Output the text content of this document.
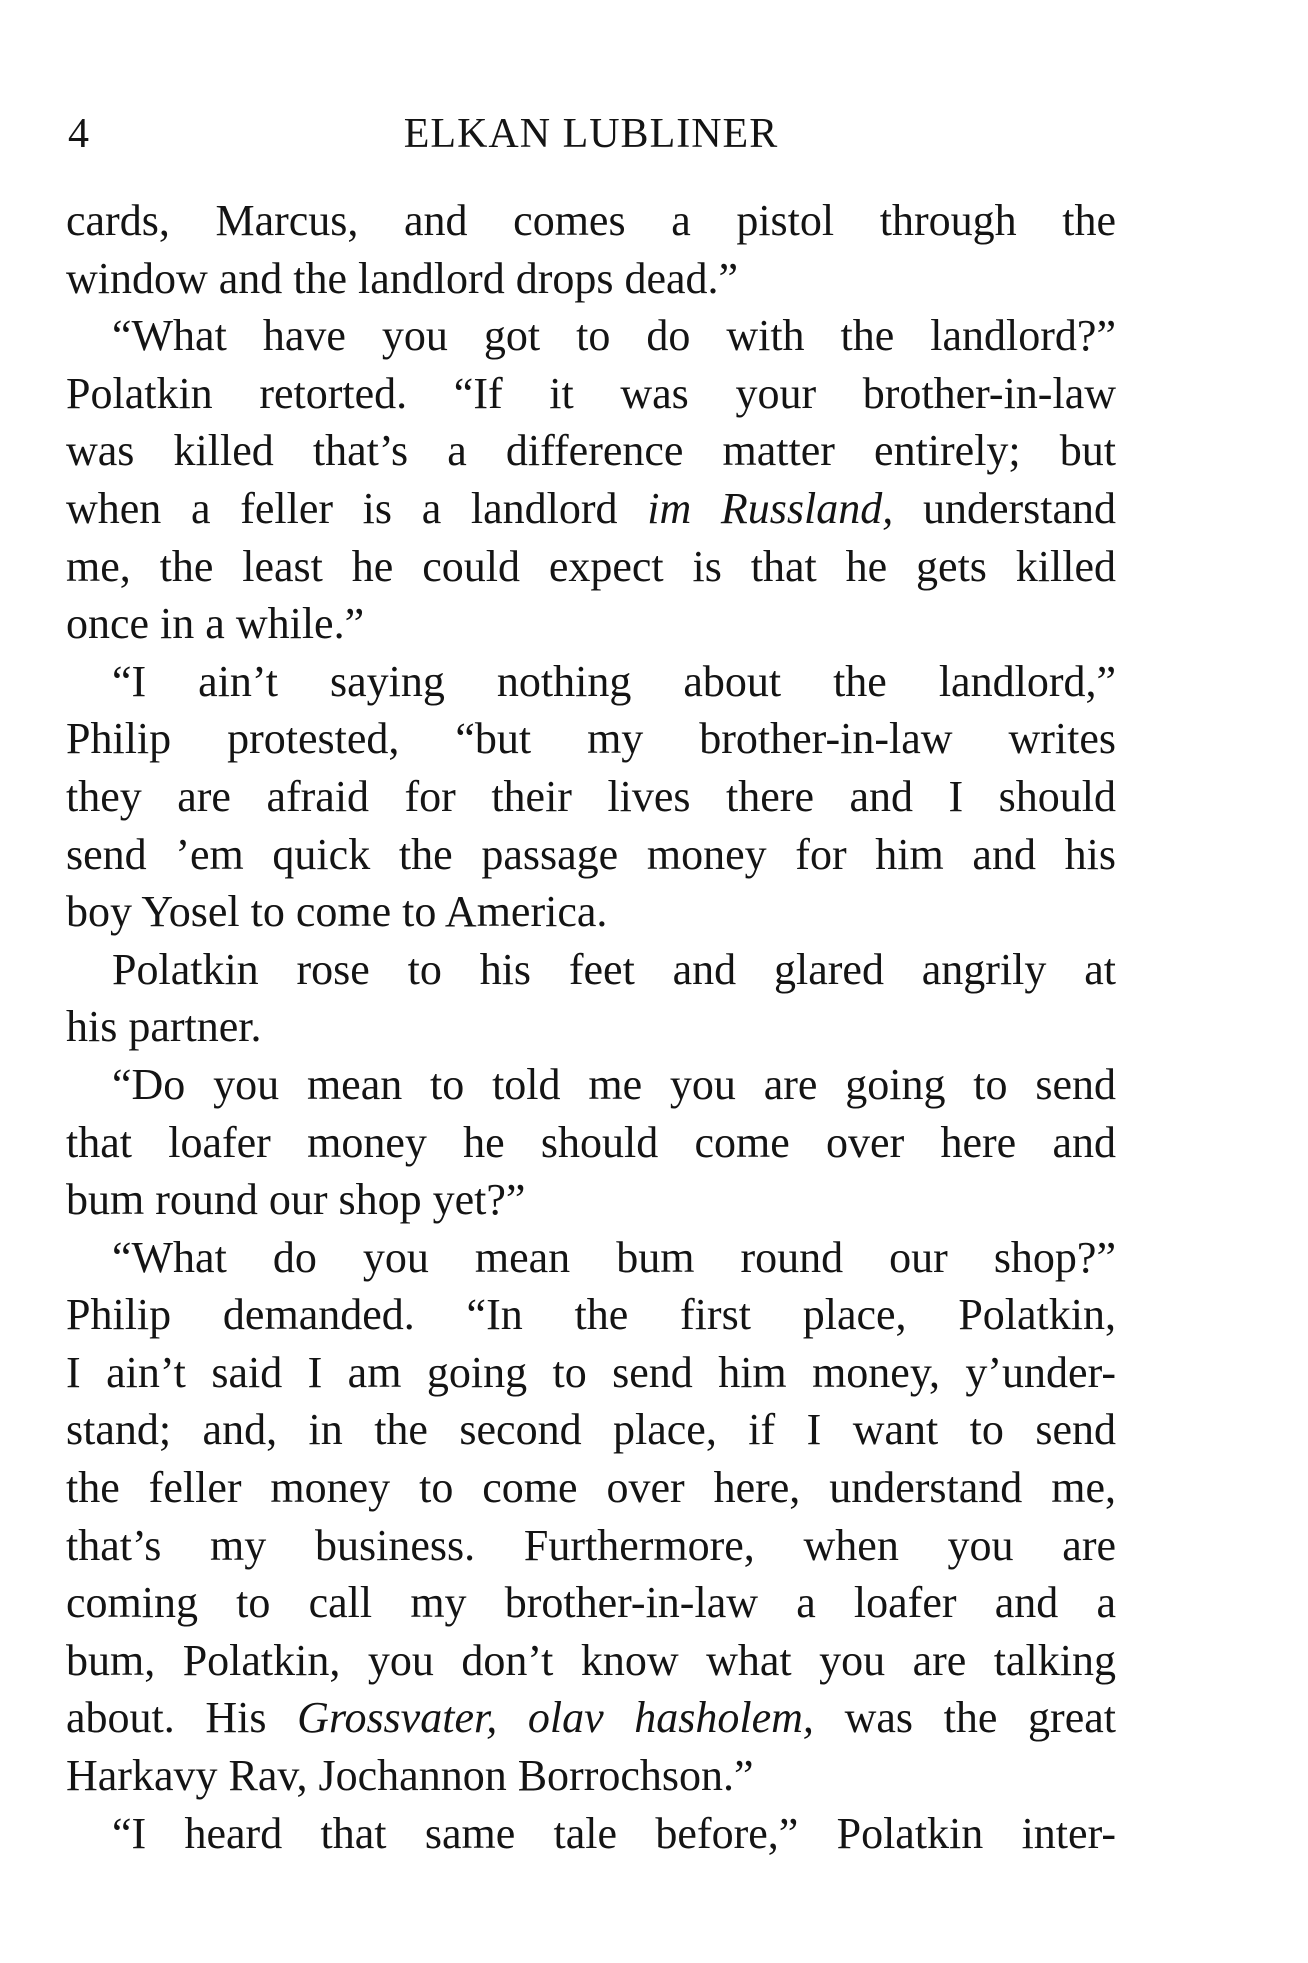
4	ELKAN LUBLINER
cards, Marcus, and comes a pistol through the
window and the landlord drops dead.”
“What have you got to do with the landlord?”
Polatkin retorted. “If it was your brother-in-law
was killed that’s a difference matter entirely; but
when a feller is a landlord im Russland, understand
me, the least he could expect is that he gets killed
once in a while.”
“I ain’t saying nothing about the landlord,”
Philip protested, “but my brother-in-law writes
they are afraid for their lives there and I should
send ’em quick the passage money for him and his
boy Yosel to come to America.
Polatkin rose to his feet and glared angrily at
his partner.
“Do you mean to told me you are going to send
that loafer money he should come over here and
bum round our shop yet?”
“What do you mean bum round our shop?”
Philip demanded. “In the first place, Polatkin,
I ain’t said I am going to send him money, y’under-
stand; and, in the second place, if I want to send
the feller money to come over here, understand me,
that’s my business. Furthermore, when you are
coming to call my brother-in-law a loafer and a
bum, Polatkin, you don’t know what you are talking
about. His Grossvater, olav hasholem, was the great
Harkavy Rav, Jochannon Borrochson.”
“I heard that same tale before,” Polatkin inter-
